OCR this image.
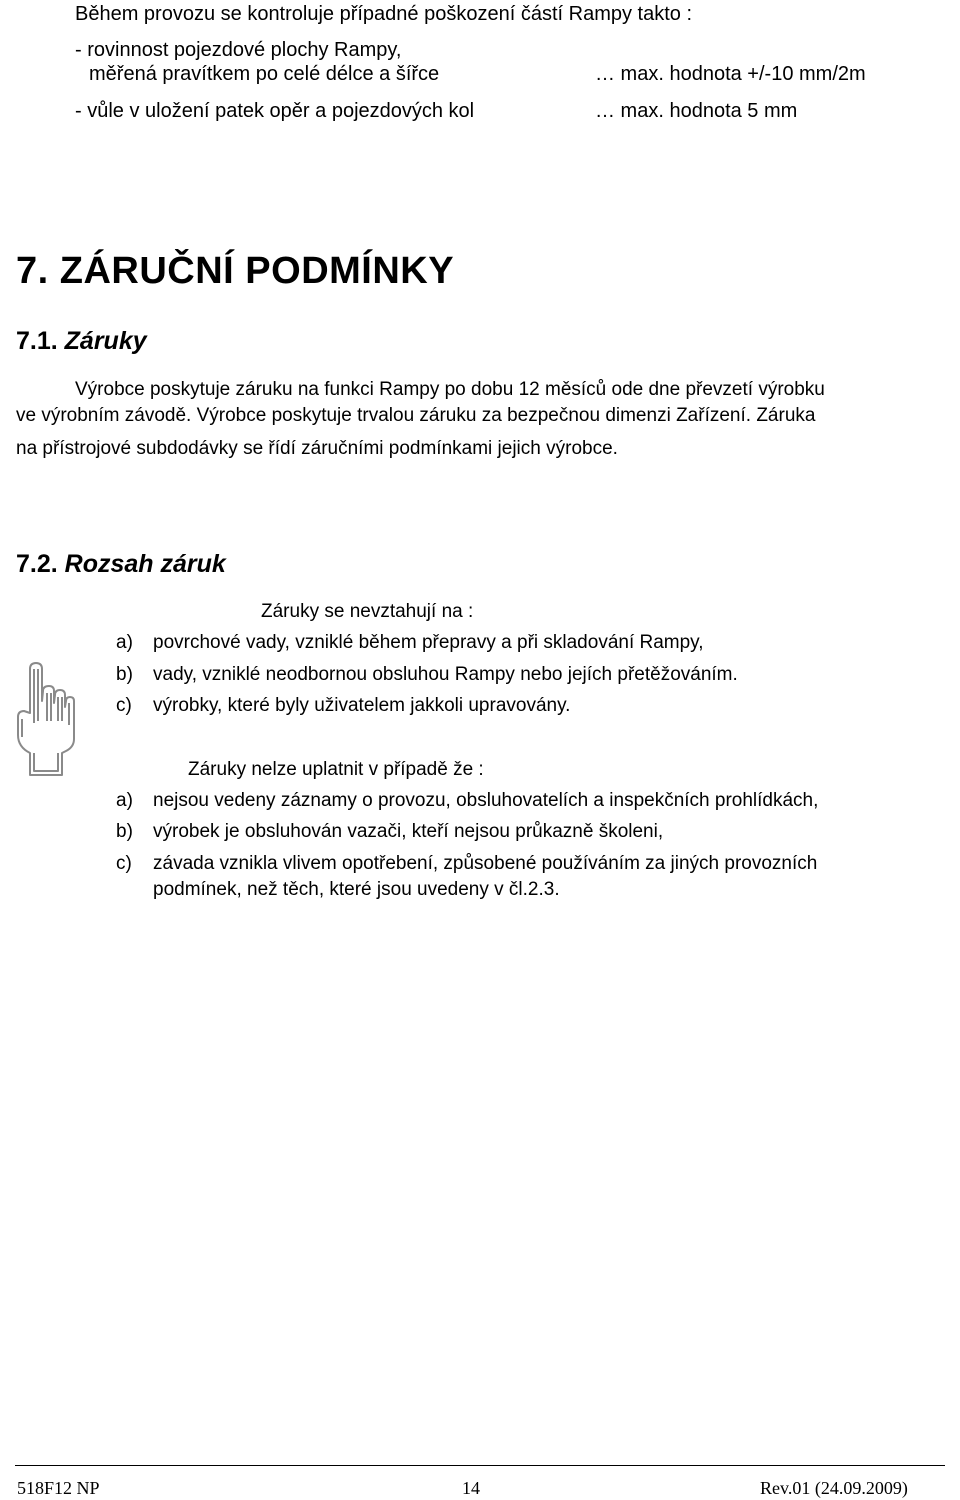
Během provozu se kontroluje případné poškození částí Rampy takto :
- rovinnost pojezdové plochy Rampy,
měřená pravítkem po celé délce a šířce	… max. hodnota +/-10 mm/2m
- vůle v uložení patek opěr a pojezdových kol	… max. hodnota 5 mm
7. ZÁRUČNÍ PODMÍNKY
7.1. Záruky
Výrobce poskytuje záruku na funkci Rampy po dobu 12 měsíců ode dne převzetí výrobku
ve výrobním závodě. Výrobce poskytuje trvalou záruku za bezpečnou dimenzi Zařízení. Záruka
na přístrojové subdodávky se řídí záručními podmínkami jejich výrobce.
7.2. Rozsah záruk
Záruky se nevztahují na :
a) povrchové vady, vzniklé během přepravy a při skladování Rampy,
b) vady, vzniklé neodbornou obsluhou Rampy nebo jejích přetěžováním.
c) výrobky, které byly uživatelem jakkoli upravovány.
Záruky nelze uplatnit v případě že :
a) nejsou vedeny záznamy o provozu, obsluhovatelích a inspekčních prohlídkách,
b) výrobek je obsluhován vazači, kteří nejsou průkazně školeni,
c) závada vznikla vlivem opotřebení, způsobené používáním za jiných provozních
podmínek, než těch, které jsou uvedeny v čl.2.3.
518F12 NP	14	Rev.01 (24.09.2009)
